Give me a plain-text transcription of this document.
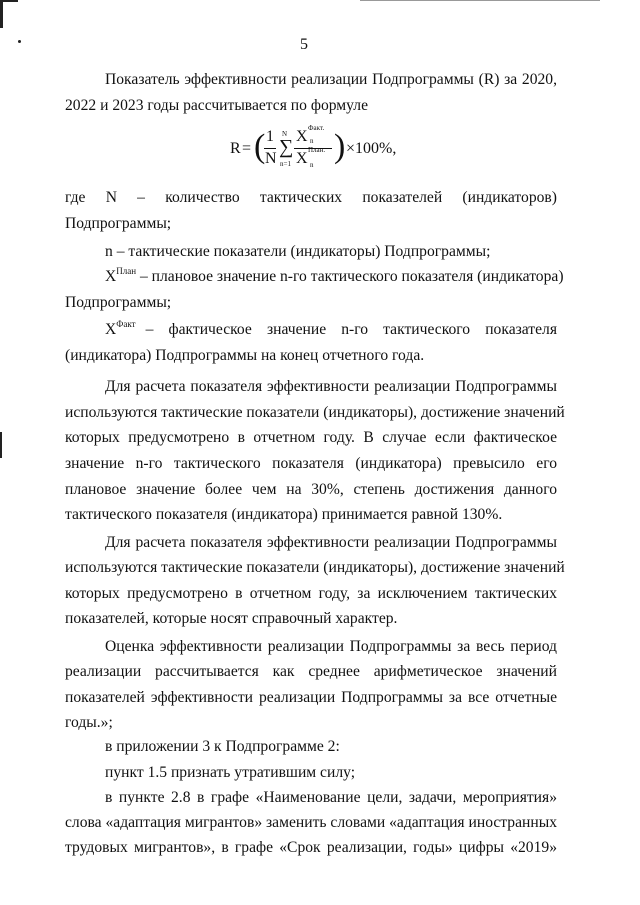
5
Показатель эффективности реализации Подпрограммы (R) за 2020,
2022 и 2023 годы рассчитывается по формуле
R = ( 1
N
N
∑
n=1
X Факт.
n
X План.
n ) ×100%,
где N – количество тактических показателей (индикаторов)
Подпрограммы;
n – тактические показатели (индикаторы) Подпрограммы;
$X^{План}$ – плановое значение n-го тактического показателя (индикатора)
Подпрограммы;
$X^{Факт}$ – фактическое значение n-го тактического показателя
(индикатора) Подпрограммы на конец отчетного года.
Для расчета показателя эффективности реализации Подпрограммы
используются тактические показатели (индикаторы), достижение значений
которых предусмотрено в отчетном году. В случае если фактическое
значение n-го тактического показателя (индикатора) превысило его
плановое значение более чем на 30%, степень достижения данного
тактического показателя (индикатора) принимается равной 130%.
Для расчета показателя эффективности реализации Подпрограммы
используются тактические показатели (индикаторы), достижение значений
которых предусмотрено в отчетном году, за исключением тактических
показателей, которые носят справочный характер.
Оценка эффективности реализации Подпрограммы за весь период
реализации рассчитывается как среднее арифметическое значений
показателей эффективности реализации Подпрограммы за все отчетные
годы.»;
в приложении 3 к Подпрограмме 2:
пункт 1.5 признать утратившим силу;
в пункте 2.8 в графе «Наименование цели, задачи, мероприятия»
слова «адаптация мигрантов» заменить словами «адаптация иностранных
трудовых мигрантов», в графе «Срок реализации, годы» цифры «2019»
